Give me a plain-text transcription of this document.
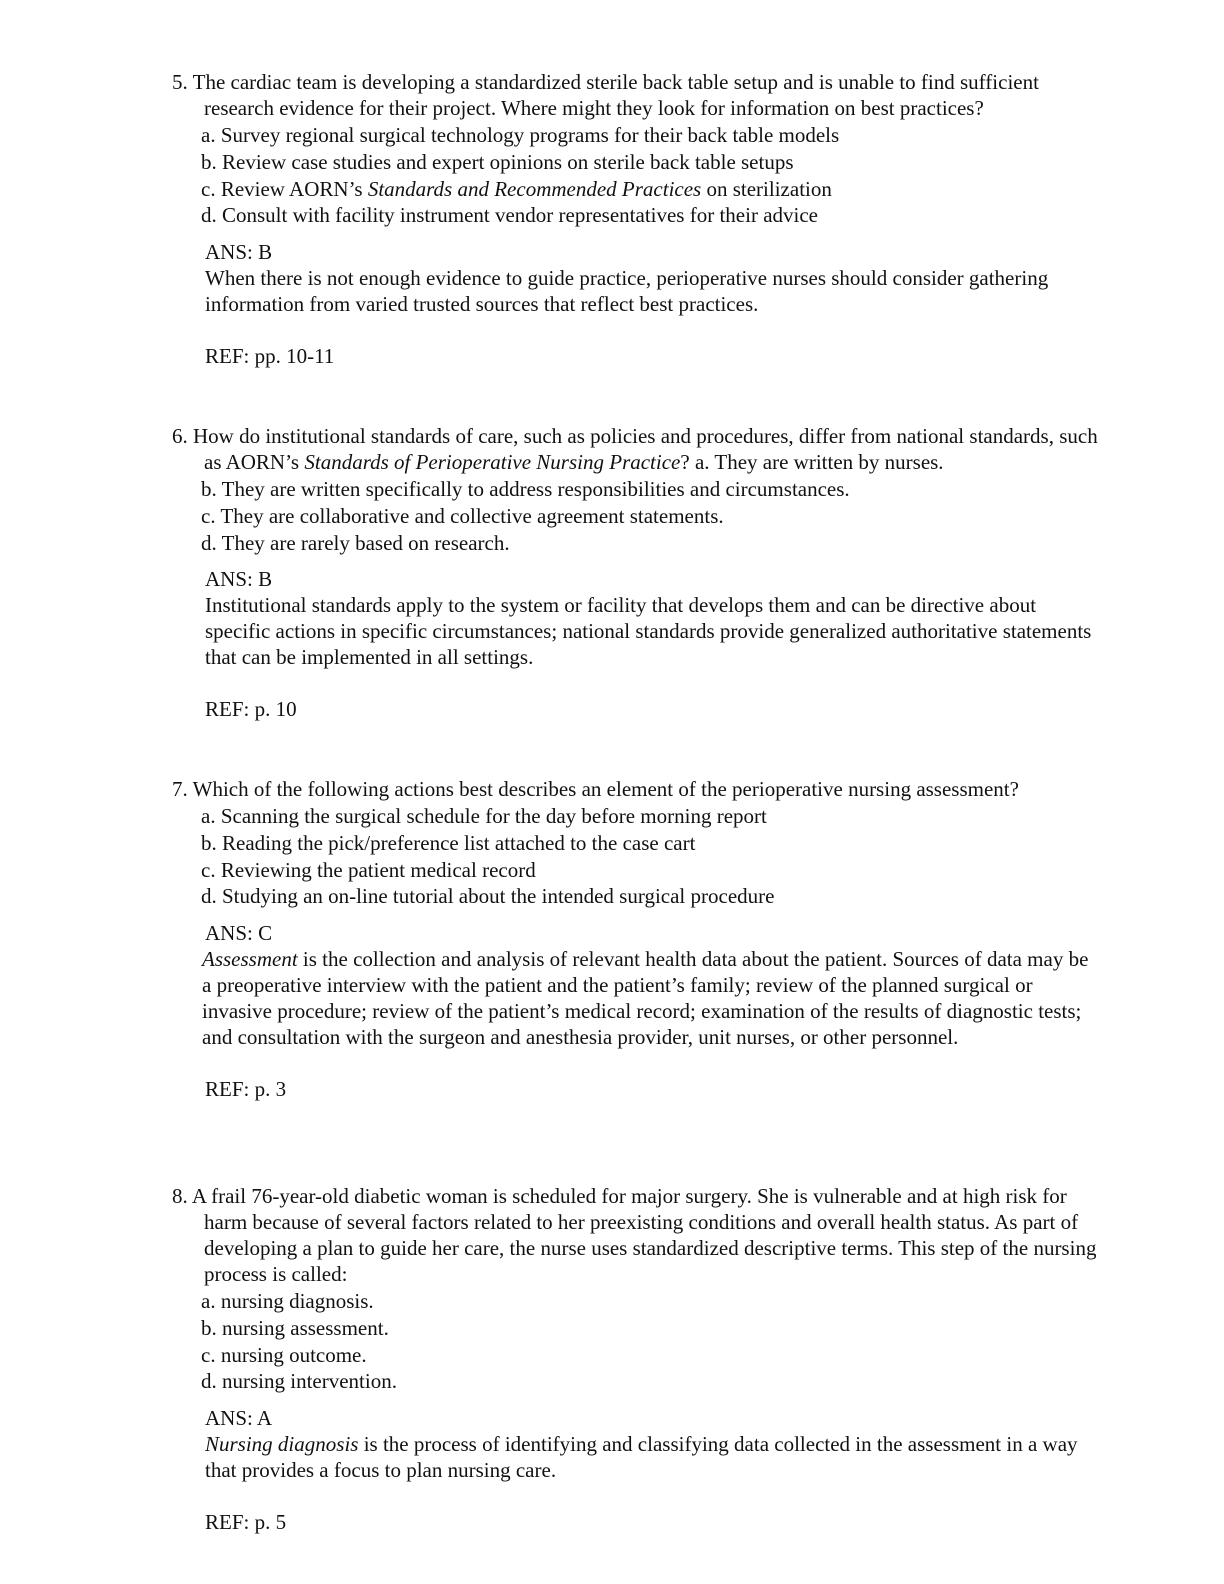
5. The cardiac team is developing a standardized sterile back table setup and is unable to find sufficient research evidence for their project. Where might they look for information on best practices?
a. Survey regional surgical technology programs for their back table models
b. Review case studies and expert opinions on sterile back table setups
c. Review AORN’s Standards and Recommended Practices on sterilization
d. Consult with facility instrument vendor representatives for their advice
ANS: B
When there is not enough evidence to guide practice, perioperative nurses should consider gathering information from varied trusted sources that reflect best practices.
REF: pp. 10-11
6. How do institutional standards of care, such as policies and procedures, differ from national standards, such as AORN’s Standards of Perioperative Nursing Practice? a. They are written by nurses.
b. They are written specifically to address responsibilities and circumstances.
c. They are collaborative and collective agreement statements.
d. They are rarely based on research.
ANS: B
Institutional standards apply to the system or facility that develops them and can be directive about specific actions in specific circumstances; national standards provide generalized authoritative statements that can be implemented in all settings.
REF: p. 10
7. Which of the following actions best describes an element of the perioperative nursing assessment?
a. Scanning the surgical schedule for the day before morning report
b. Reading the pick/preference list attached to the case cart
c. Reviewing the patient medical record
d. Studying an on-line tutorial about the intended surgical procedure
ANS: C
Assessment is the collection and analysis of relevant health data about the patient. Sources of data may be a preoperative interview with the patient and the patient’s family; review of the planned surgical or invasive procedure; review of the patient’s medical record; examination of the results of diagnostic tests; and consultation with the surgeon and anesthesia provider, unit nurses, or other personnel.
REF: p. 3
8. A frail 76-year-old diabetic woman is scheduled for major surgery. She is vulnerable and at high risk for harm because of several factors related to her preexisting conditions and overall health status. As part of developing a plan to guide her care, the nurse uses standardized descriptive terms. This step of the nursing process is called:
a. nursing diagnosis.
b. nursing assessment.
c. nursing outcome.
d. nursing intervention.
ANS: A
Nursing diagnosis is the process of identifying and classifying data collected in the assessment in a way that provides a focus to plan nursing care.
REF: p. 5
